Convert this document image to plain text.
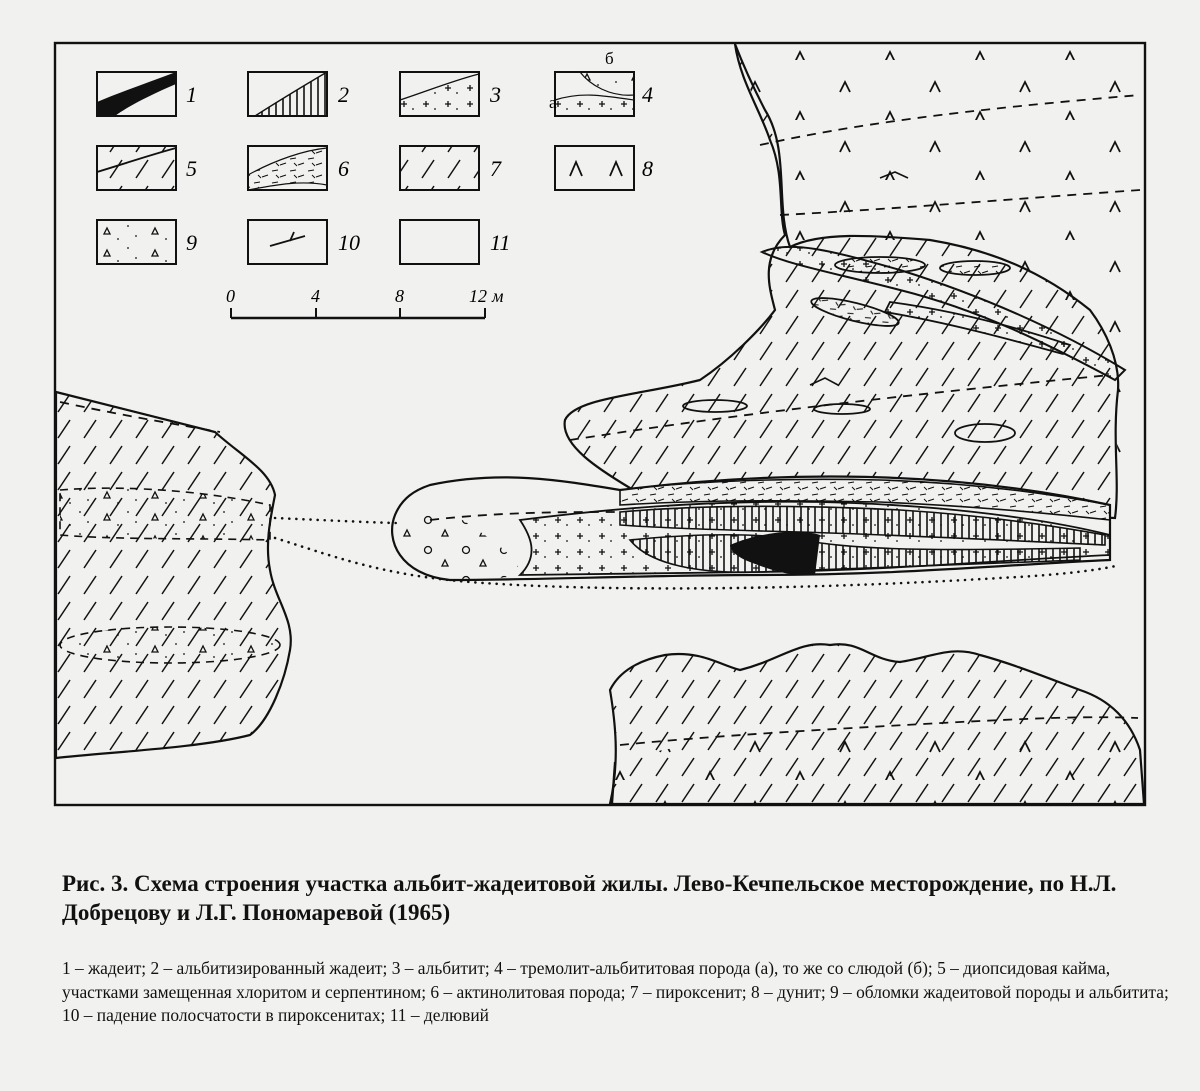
1	2	3	4
а
б
5	6	7	8
9	10	11
0	4	8	12 м
Рис. 3. Схема строения участка альбит-жадеитовой жилы. Лево-Кечпельское месторождение, по Н.Л. Добрецову и Л.Г. Пономаревой (1965)
1 – жадеит; 2 – альбитизированный жадеит; 3 – альбитит; 4 – тремолит-альбититовая порода (а), то же со слюдой (б); 5 – диопсидовая кайма, участками замещенная хлоритом и серпентином; 6 – актинолитовая порода; 7 – пироксенит; 8 – дунит; 9 – обломки жадеитовой породы и альбитита; 10 – падение полосчатости в пироксенитах; 11 – делювий
